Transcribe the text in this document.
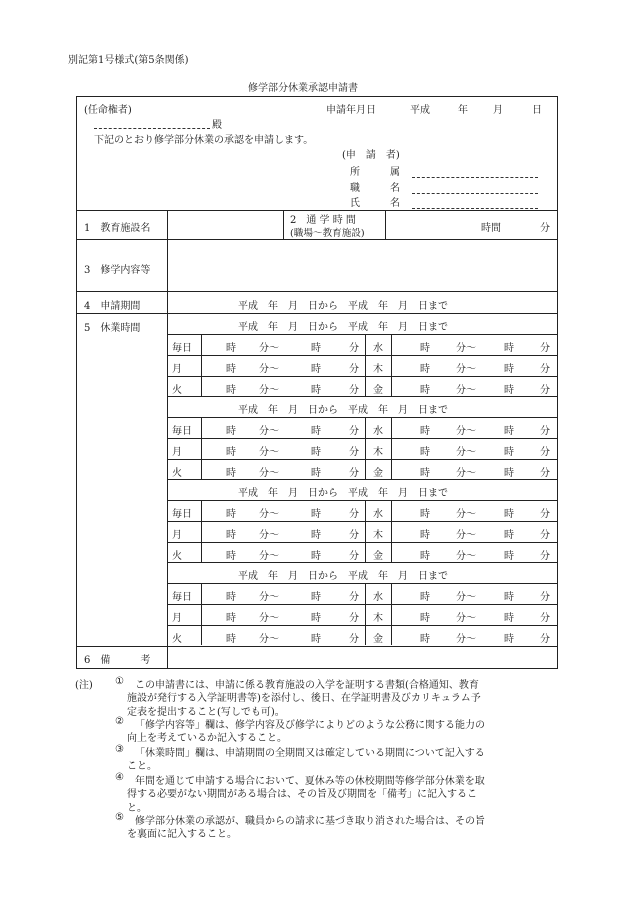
別記第1号様式(第5条関係)
修学部分休業承認申請書
(任命権者)
殿
申請年月日	平成	年	月	日
下記のとおり修学部分休業の承認を申請します。
(申　請　者)
所　　　属
職　　　名
氏　　　名
1　教育施設名
2　通 学 時 間
(職場～教育施設)	時間	分
3　修学内容等
4　申請期間	平成　年　月　日から　平成　年　月　日まで
5　休業時間	平成　年　月　日から　平成　年　月　日まで
毎日	時 分～	時	分 水	時	分～	時	分
月	時 分～	時	分 木	時	分～	時	分
火	時 分～	時	分 金	時	分～	時	分
平成　年　月　日から　平成　年　月　日まで
毎日	時 分～	時	分 水	時	分～	時	分
月	時 分～	時	分 木	時	分～	時	分
火	時 分～	時	分 金	時	分～	時	分
平成　年　月　日から　平成　年　月　日まで
毎日	時 分～	時	分 水	時	分～	時	分
月	時 分～	時	分 木	時	分～	時	分
火	時 分～	時	分 金	時	分～	時	分
平成　年　月　日から　平成　年　月　日まで
毎日	時 分～	時	分 水	時	分～	時	分
月	時 分～	時	分 木	時	分～	時	分
火	時 分～	時	分 金	時	分～	時	分
6　備　　　考
(注) ① この申請書には、申請に係る教育施設の入学を証明する書類(合格通知、教育
施設が発行する入学証明書等)を添付し、後日、在学証明書及びカリキュラム予
定表を提出すること(写しでも可)。
② 「修学内容等」欄は、修学内容及び修学によりどのような公務に関する能力の
向上を考えているか記入すること。
③ 「休業時間」欄は、申請期間の全期間又は確定している期間について記入する
こと。
④ 年間を通じて申請する場合において、夏休み等の休校期間等修学部分休業を取
得する必要がない期間がある場合は、その旨及び期間を「備考」に記入するこ
と。
⑤ 修学部分休業の承認が、職員からの請求に基づき取り消された場合は、その旨
を裏面に記入すること。
